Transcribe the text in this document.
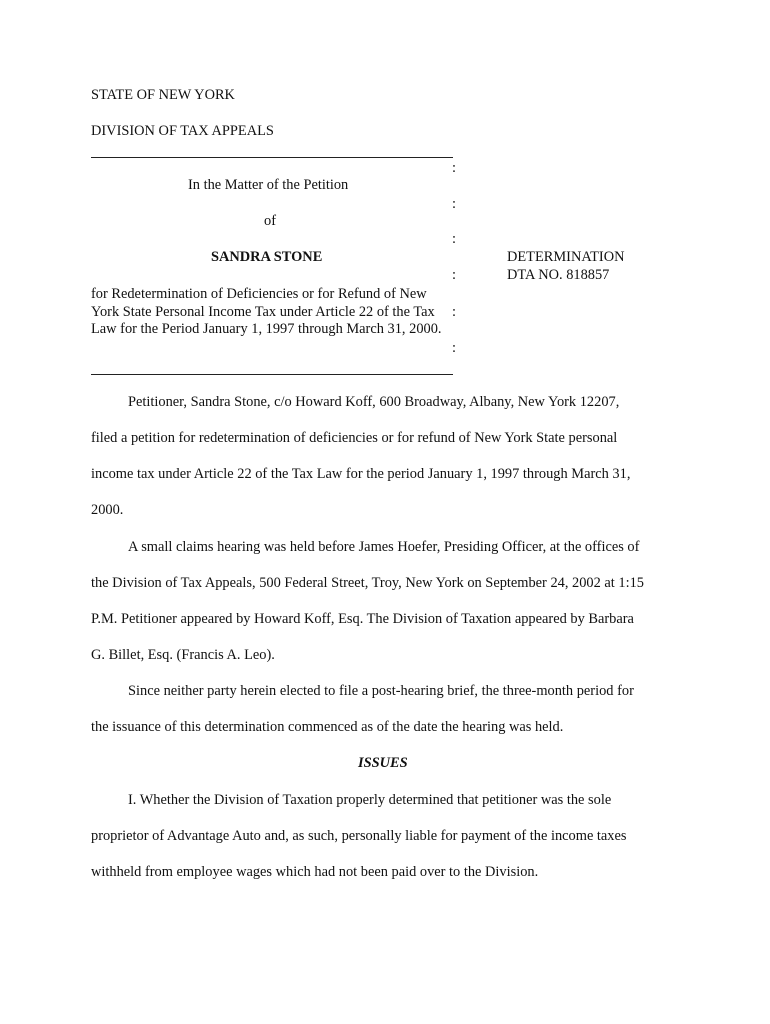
STATE OF NEW YORK
DIVISION OF TAX APPEALS
:
In the Matter of the Petition
:
of
:
SANDRA STONE
:
for Redetermination of Deficiencies or for Refund of New York State Personal Income Tax under Article 22 of the Tax Law for the Period January 1, 1997 through March 31, 2000.
:
:
DETERMINATION
DTA NO. 818857
Petitioner, Sandra Stone, c/o Howard Koff, 600 Broadway, Albany, New York 12207,
filed a petition for redetermination of deficiencies or for refund of New York State personal
income tax under Article 22 of the Tax Law for the period January 1, 1997 through March 31,
2000.
A small claims hearing was held before James Hoefer, Presiding Officer, at the offices of
the Division of Tax Appeals, 500 Federal Street, Troy, New York on September 24, 2002 at 1:15
P.M. Petitioner appeared by Howard Koff, Esq. The Division of Taxation appeared by Barbara
G. Billet, Esq. (Francis A. Leo).
Since neither party herein elected to file a post-hearing brief, the three-month period for
the issuance of this determination commenced as of the date the hearing was held.
ISSUES
I. Whether the Division of Taxation properly determined that petitioner was the sole
proprietor of Advantage Auto and, as such, personally liable for payment of the income taxes
withheld from employee wages which had not been paid over to the Division.
